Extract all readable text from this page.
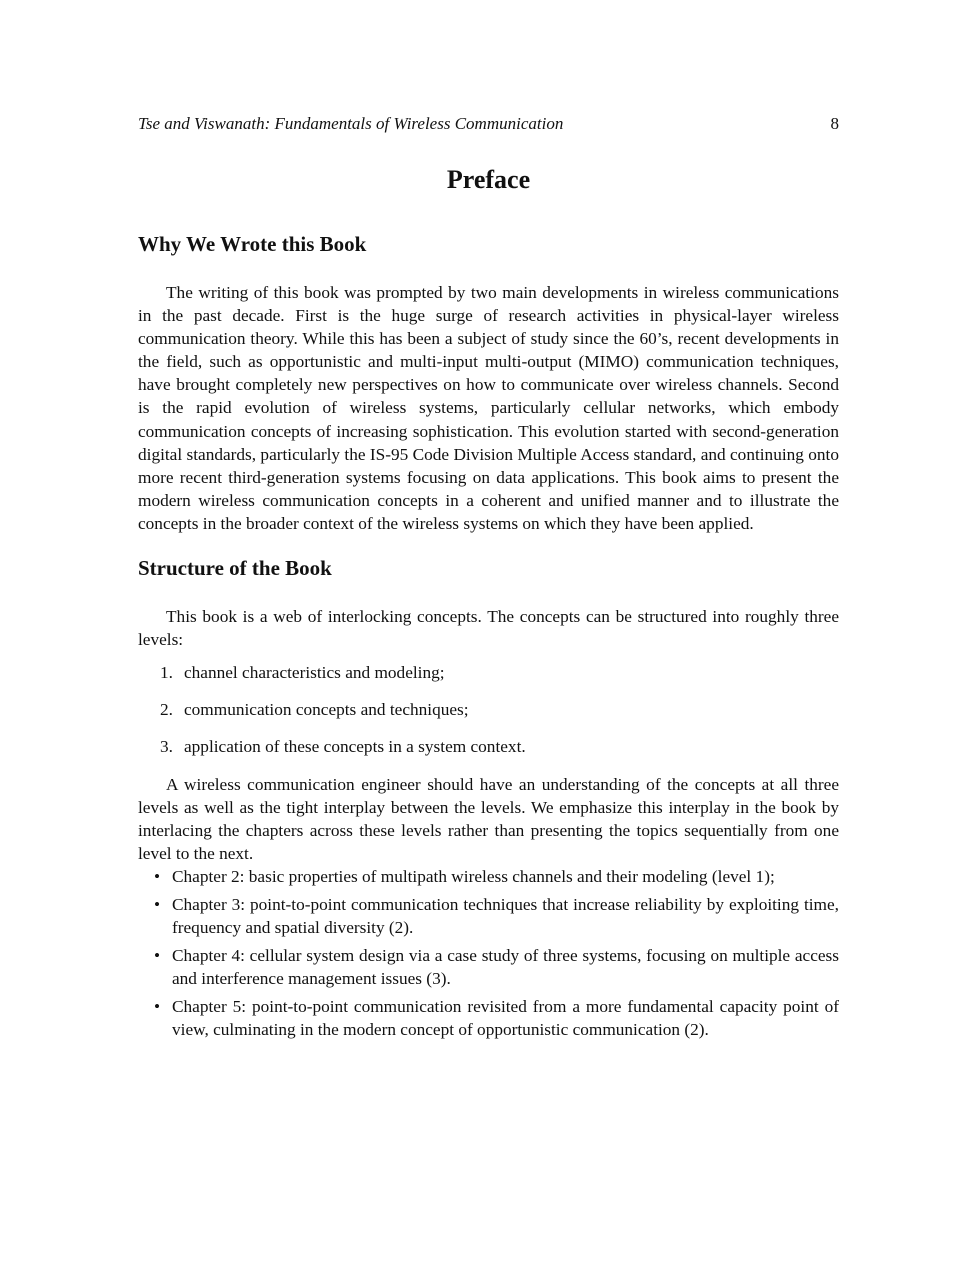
Tse and Viswanath: Fundamentals of Wireless Communication	8
Preface
Why We Wrote this Book

The writing of this book was prompted by two main developments in wireless communications in the past decade. First is the huge surge of research activities in physical-layer wireless communication theory. While this has been a subject of study since the 60’s, recent developments in the field, such as opportunistic and multi-input multi-output (MIMO) communication techniques, have brought completely new perspectives on how to communicate over wireless channels. Second is the rapid evolution of wireless systems, particularly cellular networks, which embody communication concepts of increasing sophistication. This evolution started with second-generation digital standards, particularly the IS-95 Code Division Multiple Access standard, and continuing onto more recent third-generation systems focusing on data applications. This book aims to present the modern wireless communication concepts in a coherent and unified manner and to illustrate the concepts in the broader context of the wireless systems on which they have been applied.

Structure of the Book

This book is a web of interlocking concepts. The concepts can be structured into roughly three levels:

1. channel characteristics and modeling;
2. communication concepts and techniques;
3. application of these concepts in a system context.

A wireless communication engineer should have an understanding of the concepts at all three levels as well as the tight interplay between the levels. We emphasize this interplay in the book by interlacing the chapters across these levels rather than presenting the topics sequentially from one level to the next.

• Chapter 2: basic properties of multipath wireless channels and their modeling (level 1);
• Chapter 3: point-to-point communication techniques that increase reliability by exploiting time, frequency and spatial diversity (2).
• Chapter 4: cellular system design via a case study of three systems, focusing on multiple access and interference management issues (3).
• Chapter 5: point-to-point communication revisited from a more fundamental capacity point of view, culminating in the modern concept of opportunistic communication (2).
